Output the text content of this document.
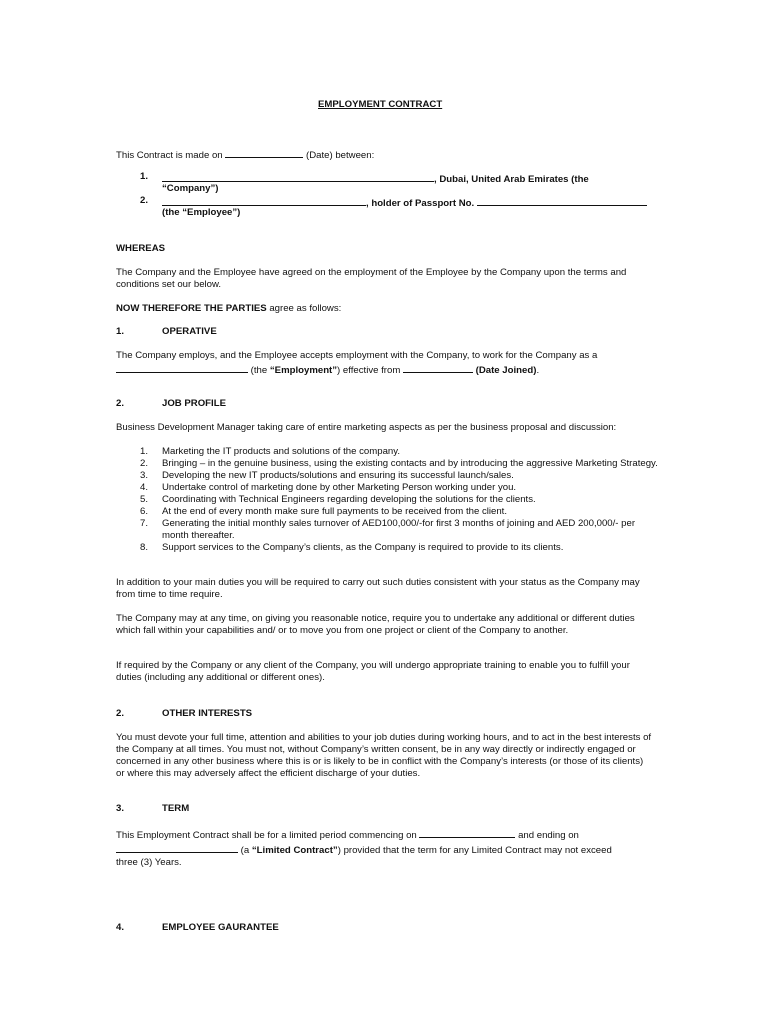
EMPLOYMENT CONTRACT
This Contract is made on	(Date) between:
1.	, Dubai, United Arab Emirates (the
“Company”)
2.	, holder of Passport No.
(the “Employee”)
WHEREAS
The Company and the Employee have agreed on the employment of the Employee by the Company upon the terms and conditions set our below.
NOW THEREFORE THE PARTIES agree as follows:
1.	OPERATIVE
The Company employs, and the Employee accepts employment with the Company, to work for the Company as a
(the “Employment”) effective from	(Date Joined).
2.	JOB PROFILE
Business Development Manager taking care of entire marketing aspects as per the business proposal and discussion:
1. Marketing the IT products and solutions of the company.
2. Bringing – in the genuine business, using the existing contacts and by introducing the aggressive Marketing Strategy.
3. Developing the new IT products/solutions and ensuring its successful launch/sales.
4. Undertake control of marketing done by other Marketing Person working under you.
5. Coordinating with Technical Engineers regarding developing the solutions for the clients.
6. At the end of every month make sure full payments to be received from the client.
7. Generating the initial monthly sales turnover of AED100,000/-for first 3 months of joining and AED 200,000/- per month thereafter.
8. Support services to the Company’s clients, as the Company is required to provide to its clients.
In addition to your main duties you will be required to carry out such duties consistent with your status as the Company may from time to time require.
The Company may at any time, on giving you reasonable notice, require you to undertake any additional or different duties which fall within your capabilities and/ or to move you from one project or client of the Company to another.
If required by the Company or any client of the Company, you will undergo appropriate training to enable you to fulfill your duties (including any additional or different ones).
2.	OTHER INTERESTS
You must devote your full time, attention and abilities to your job duties during working hours, and to act in the best interests of the Company at all times. You must not, without Company’s written consent, be in any way directly or indirectly engaged or concerned in any other business where this is or is likely to be in conflict with the Company’s interests (or those of its clients) or where this may adversely affect the efficient discharge of your duties.
3.	TERM
This Employment Contract shall be for a limited period commencing on	and ending on
(a “Limited Contract”) provided that the term for any Limited Contract may not exceed
three (3) Years.
4.	EMPLOYEE GAURANTEE
